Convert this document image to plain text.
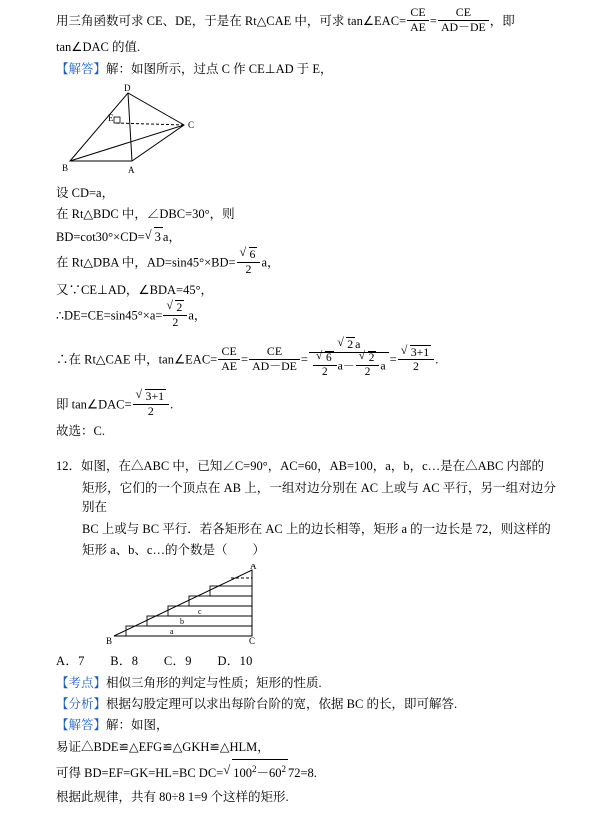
用三角函数可求 CE、DE，于是在 Rt△CAE 中，可求 tan∠EAC= $\frac{CE}{AE} = \frac{CE}{AD-DE}$ ，即
tan∠DAC 的值.
【解答】解：如图所示，过点 C 作 CE⊥AD 于 E，
D
E
C
A
B
设 CD=a，
在 Rt△BDC 中，∠DBC=30°，则
BD=cot30°×CD= √ 3 a，
在 Rt△DBA 中，AD=sin45°×BD= √ $\frac{6}{2}$ a，
又∵CE⊥AD，∠BDA=45°，
∴DE=CE=sin45°×a= √ $\frac{2}{2}$ a，
∴在 Rt△CAE 中，tan∠EAC= $\frac{CE}{AE} = \frac{CE}{AD-DE}$ = √ 2 a
√ $\frac{6}{2} a-$ √ $\frac{2}{2}$ a = √ $\frac{3+1}{2}$ .
即 tan∠DAC= √ $\frac{3+1}{2}$ .
故选：C.
12．如图，在△ABC 中，已知∠C=90°，AC=60，AB=100，a，b，c…是在△ABC 内部的
矩形，它们的一个顶点在 AB 上，一组对边分别在 AC 上或与 AC 平行，另一组对边分别在
BC 上或与 BC 平行．若各矩形在 AC 上的边长相等，矩形 a 的一边长是 72，则这样的
矩形 a、b、c…的个数是（　　）
B	C
A
a
b
c
A．7　　B．8　　C．9　　D．10
【考点】相似三角形的判定与性质；矩形的性质.
【分析】根据勾股定理可以求出每阶台阶的宽，依据 BC 的长，即可解答.
【解答】解：如图，
易证△BDE≌△EFG≌△GKH≌△HLM，
可得 BD=EF=GK=HL=BC DC= √ $100^2-60^2$ 72=8.
根据此规律，共有 80÷8 1=9 个这样的矩形.
